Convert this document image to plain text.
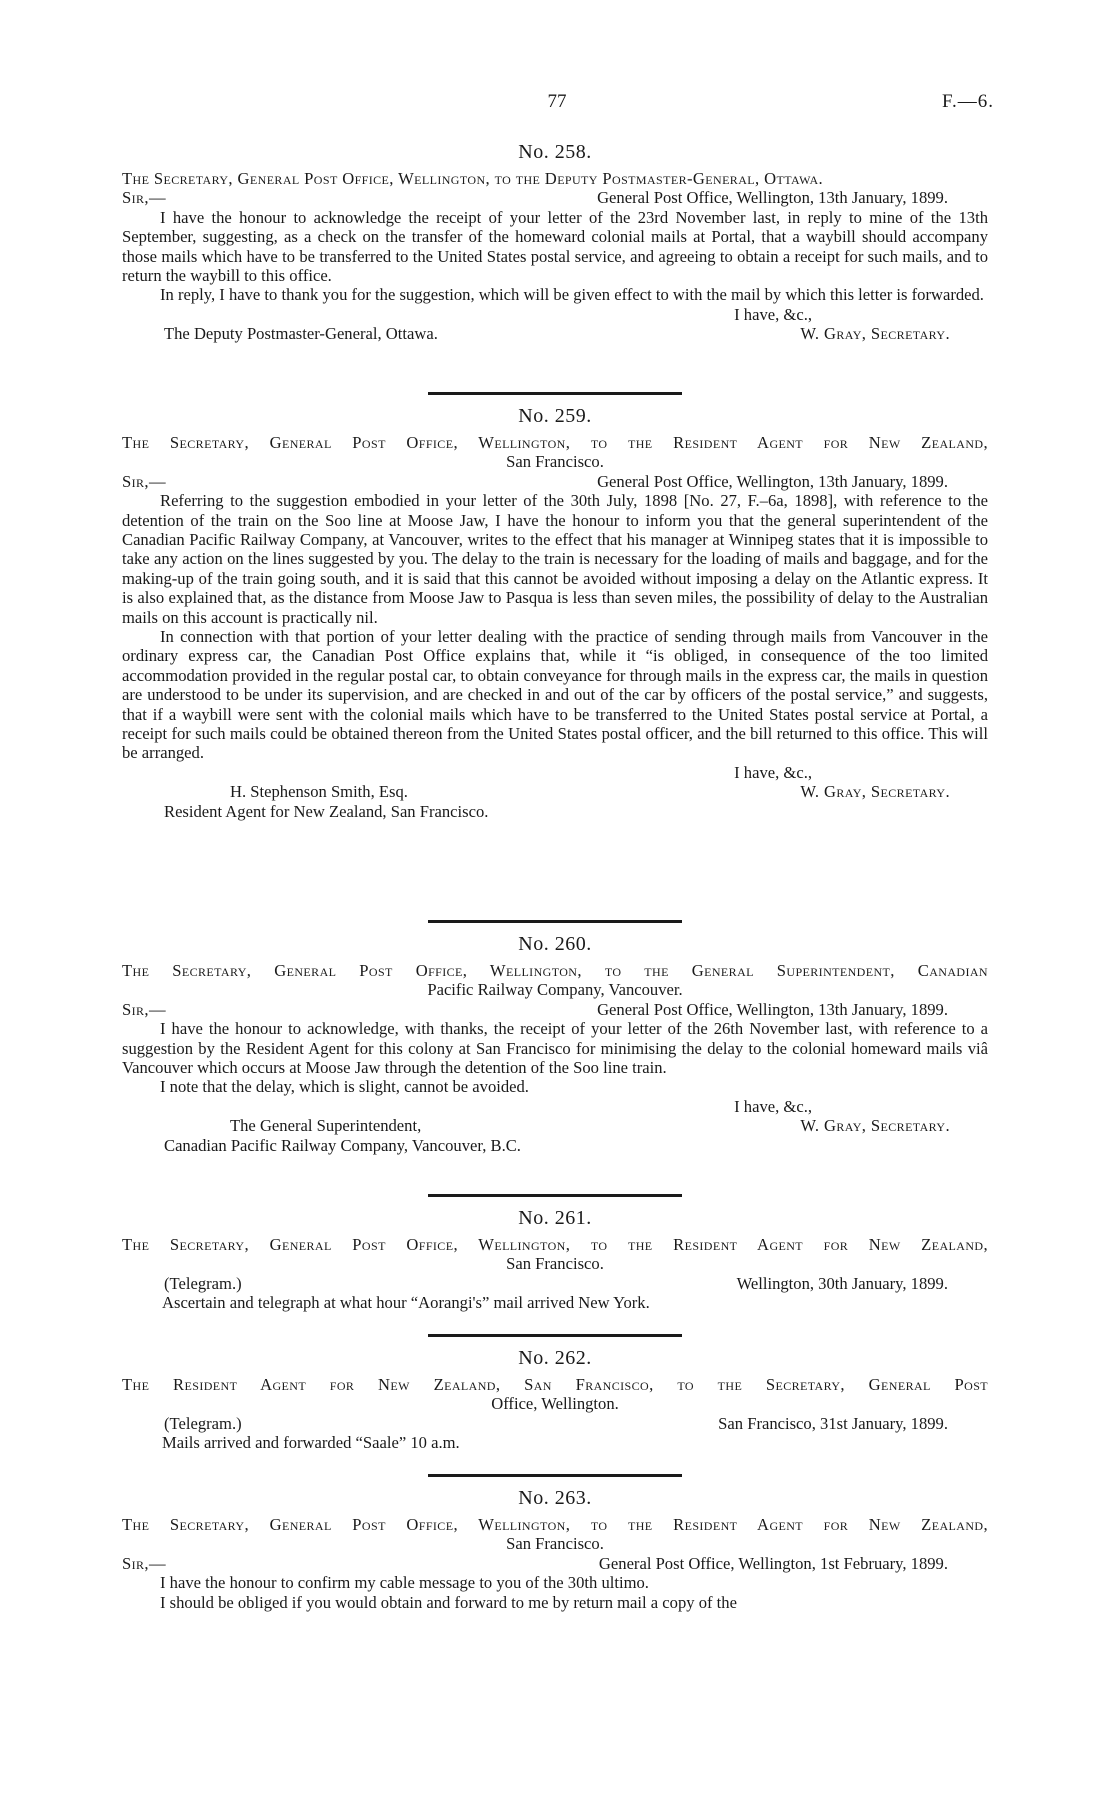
77	F.—6.
No. 258.
The Secretary, General Post Office, Wellington, to the Deputy Postmaster-General, Ottawa.
Sir,—	General Post Office, Wellington, 13th January, 1899.

I have the honour to acknowledge the receipt of your letter of the 23rd November last, in reply to mine of the 13th September, suggesting, as a check on the transfer of the homeward colonial mails at Portal, that a waybill should accompany those mails which have to be transferred to the United States postal service, and agreeing to obtain a receipt for such mails, and to return the waybill to this office.

In reply, I have to thank you for the suggestion, which will be given effect to with the mail by which this letter is forwarded.

I have, &c.,
The Deputy Postmaster-General, Ottawa.	W. Gray, Secretary.
No. 259.
The Secretary, General Post Office, Wellington, to the Resident Agent for New Zealand,
San Francisco.
Sir,—	General Post Office, Wellington, 13th January, 1899.

Referring to the suggestion embodied in your letter of the 30th July, 1898 [No. 27, F.–6a, 1898], with reference to the detention of the train on the Soo line at Moose Jaw, I have the honour to inform you that the general superintendent of the Canadian Pacific Railway Company, at Vancouver, writes to the effect that his manager at Winnipeg states that it is impossible to take any action on the lines suggested by you. The delay to the train is necessary for the loading of mails and baggage, and for the making-up of the train going south, and it is said that this cannot be avoided without imposing a delay on the Atlantic express. It is also explained that, as the distance from Moose Jaw to Pasqua is less than seven miles, the possibility of delay to the Australian mails on this account is practically nil.

In connection with that portion of your letter dealing with the practice of sending through mails from Vancouver in the ordinary express car, the Canadian Post Office explains that, while it “is obliged, in consequence of the too limited accommodation provided in the regular postal car, to obtain conveyance for through mails in the express car, the mails in question are understood to be under its supervision, and are checked in and out of the car by officers of the postal service,” and suggests, that if a waybill were sent with the colonial mails which have to be transferred to the United States postal service at Portal, a receipt for such mails could be obtained thereon from the United States postal officer, and the bill returned to this office. This will be arranged.

I have, &c.,
H. Stephenson Smith, Esq.	W. Gray, Secretary.
Resident Agent for New Zealand, San Francisco.
No. 260.
The Secretary, General Post Office, Wellington, to the General Superintendent, Canadian
Pacific Railway Company, Vancouver.
Sir,—	General Post Office, Wellington, 13th January, 1899.

I have the honour to acknowledge, with thanks, the receipt of your letter of the 26th November last, with reference to a suggestion by the Resident Agent for this colony at San Francisco for minimising the delay to the colonial homeward mails viâ Vancouver which occurs at Moose Jaw through the detention of the Soo line train.

I note that the delay, which is slight, cannot be avoided.

I have, &c.,
The General Superintendent,	W. Gray, Secretary.
Canadian Pacific Railway Company, Vancouver, B.C.
No. 261.
The Secretary, General Post Office, Wellington, to the Resident Agent for New Zealand,
San Francisco.
(Telegram.)	Wellington, 30th January, 1899.
Ascertain and telegraph at what hour “Aorangi's” mail arrived New York.
No. 262.
The Resident Agent for New Zealand, San Francisco, to the Secretary, General Post
Office, Wellington.
(Telegram.)	San Francisco, 31st January, 1899.
Mails arrived and forwarded “Saale” 10 a.m.
No. 263.
The Secretary, General Post Office, Wellington, to the Resident Agent for New Zealand,
San Francisco.
Sir,—	General Post Office, Wellington, 1st February, 1899.

I have the honour to confirm my cable message to you of the 30th ultimo.

I should be obliged if you would obtain and forward to me by return mail a copy of the
